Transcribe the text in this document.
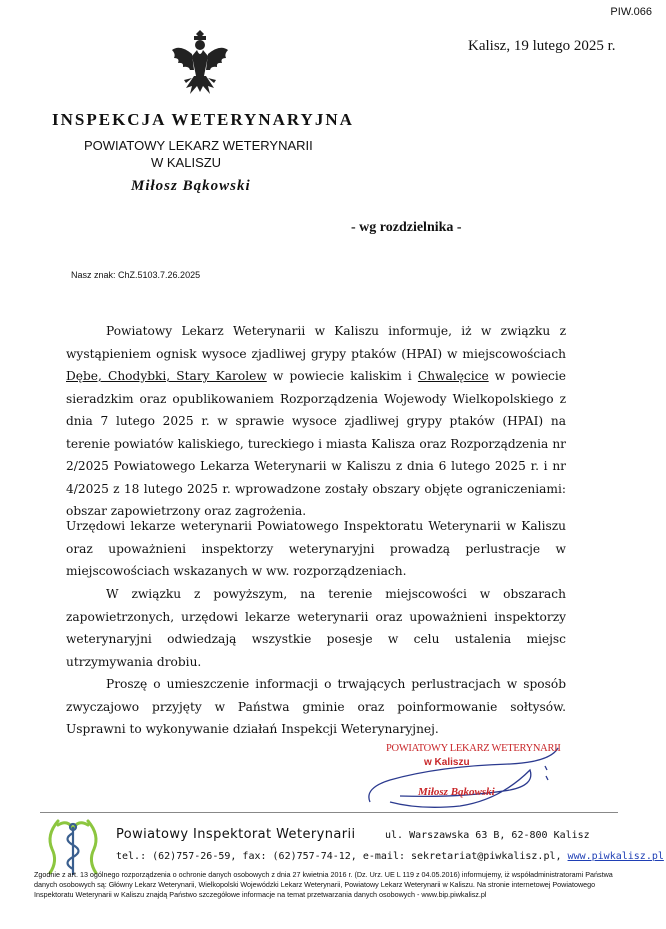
PIW.066
Kalisz, 19 lutego 2025 r.
INSPEKCJA WETERYNARYJNA
POWIATOWY LEKARZ WETERYNARII
W KALISZU
Miłosz Bąkowski
- wg rozdzielnika -
Nasz znak: ChZ.5103.7.26.2025

Powiatowy Lekarz Weterynarii w Kaliszu informuje, iż w związku z wystąpieniem ognisk wysoce zjadliwej grypy ptaków (HPAI) w miejscowościach Dębe, Chodybki, Stary Karolew w powiecie kaliskim i Chwalęcice w powiecie sieradzkim oraz opublikowaniem Rozporządzenia Wojewody Wielkopolskiego z dnia 7 lutego 2025 r. w sprawie wysoce zjadliwej grypy ptaków (HPAI) na terenie powiatów kaliskiego, tureckiego i miasta Kalisza oraz Rozporządzenia nr 2/2025 Powiatowego Lekarza Weterynarii w Kaliszu z dnia 6 lutego 2025 r. i nr 4/2025 z 18 lutego 2025 r. wprowadzone zostały obszary objęte ograniczeniami: obszar zapowietrzony oraz zagrożenia.

Urzędowi lekarze weterynarii Powiatowego Inspektoratu Weterynarii w Kaliszu oraz upoważnieni inspektorzy weterynaryjni prowadzą perlustracje w miejscowościach wskazanych w ww. rozporządzeniach.

W związku z powyższym, na terenie miejscowości w obszarach zapowietrzonych, urzędowi lekarze weterynarii oraz upoważnieni inspektorzy weterynaryjni odwiedzają wszystkie posesje w celu ustalenia miejsc utrzymywania drobiu.

Proszę o umieszczenie informacji o trwających perlustracjach w sposób zwyczajowo przyjęty w Państwa gminie oraz poinformowanie sołtysów. Usprawni to wykonywanie działań Inspekcji Weterynaryjnej.

POWIATOWY LEKARZ WETERYNARII
w Kaliszu
Miłosz Bąkowski
Powiatowy Inspektorat Weterynarii	ul. Warszawska 63 B, 62-800 Kalisz
tel.: (62)757-26-59, fax: (62)757-74-12, e-mail: sekretariat@piwkalisz.pl, www.piwkalisz.pl

Zgodnie z art. 13 ogólnego rozporządzenia o ochronie danych osobowych z dnia 27 kwietnia 2016 r. (Dz. Urz. UE L 119 z 04.05.2016) informujemy, iż współadministratorami Państwa danych osobowych są: Główny Lekarz Weterynarii, Wielkopolski Wojewódzki Lekarz Weterynarii, Powiatowy Lekarz Weterynarii w Kaliszu. Na stronie internetowej Powiatowego Inspektoratu Weterynarii w Kaliszu znajdą Państwo szczegółowe informacje na temat przetwarzania danych osobowych - www.bip.piwkalisz.pl
